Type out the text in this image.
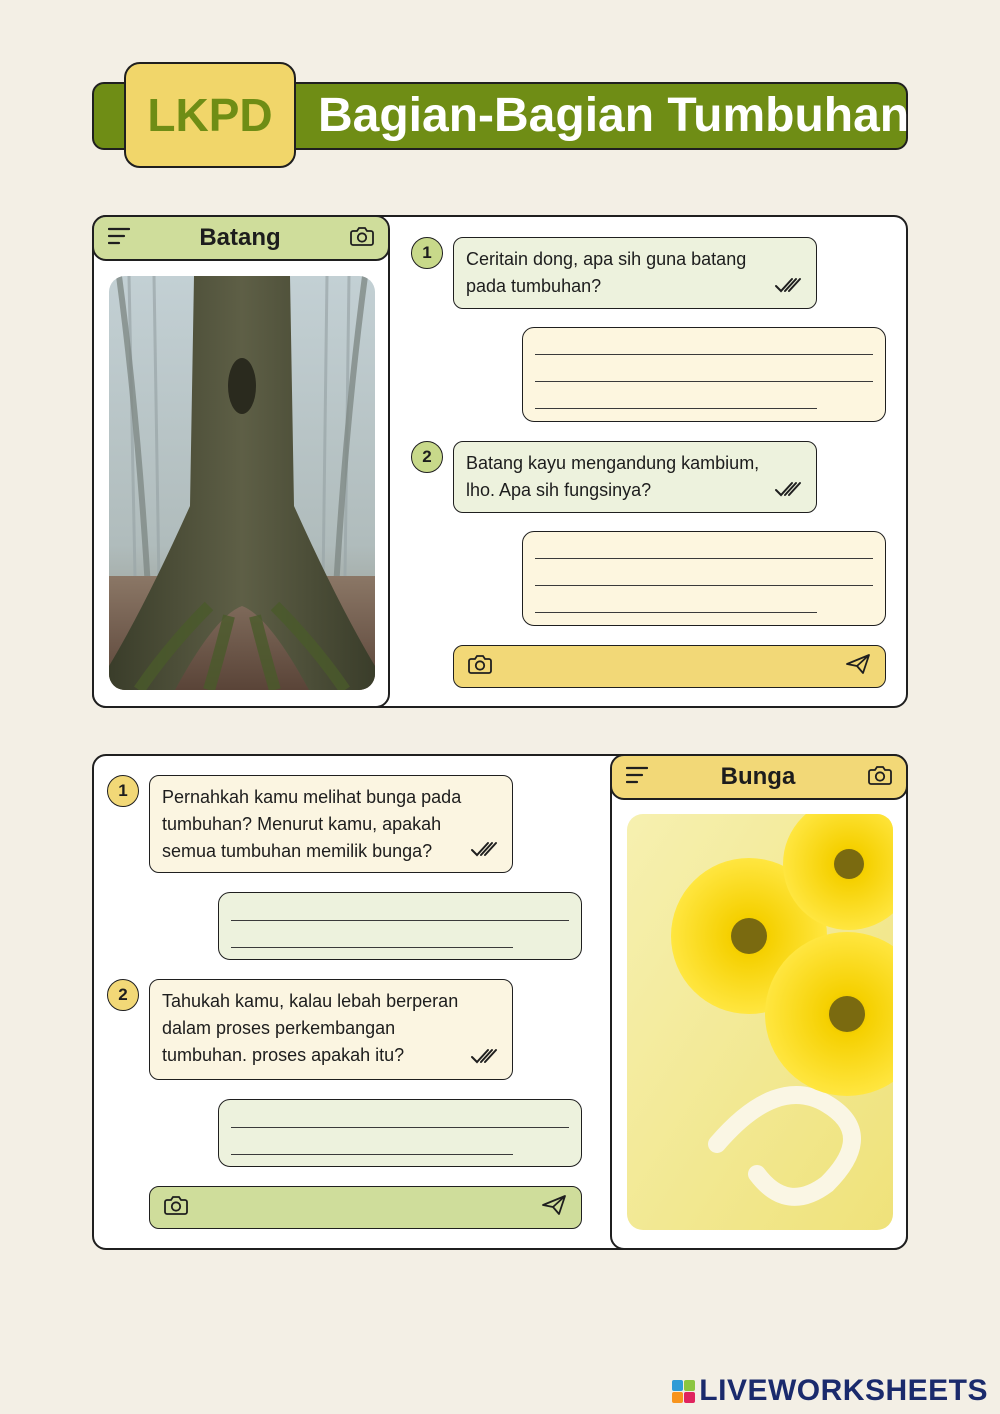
Bagian-Bagian Tumbuhan
LKPD
Batang
1	Ceritain dong, apa sih guna batang pada tumbuhan?
2	Batang kayu mengandung kambium, lho. Apa sih fungsinya?
Bunga
1	Pernahkah kamu melihat bunga pada tumbuhan? Menurut kamu, apakah semua tumbuhan memilik bunga?
2	Tahukah kamu, kalau lebah berperan dalam proses perkembangan tumbuhan. proses apakah itu?
LIVEWORKSHEETS
